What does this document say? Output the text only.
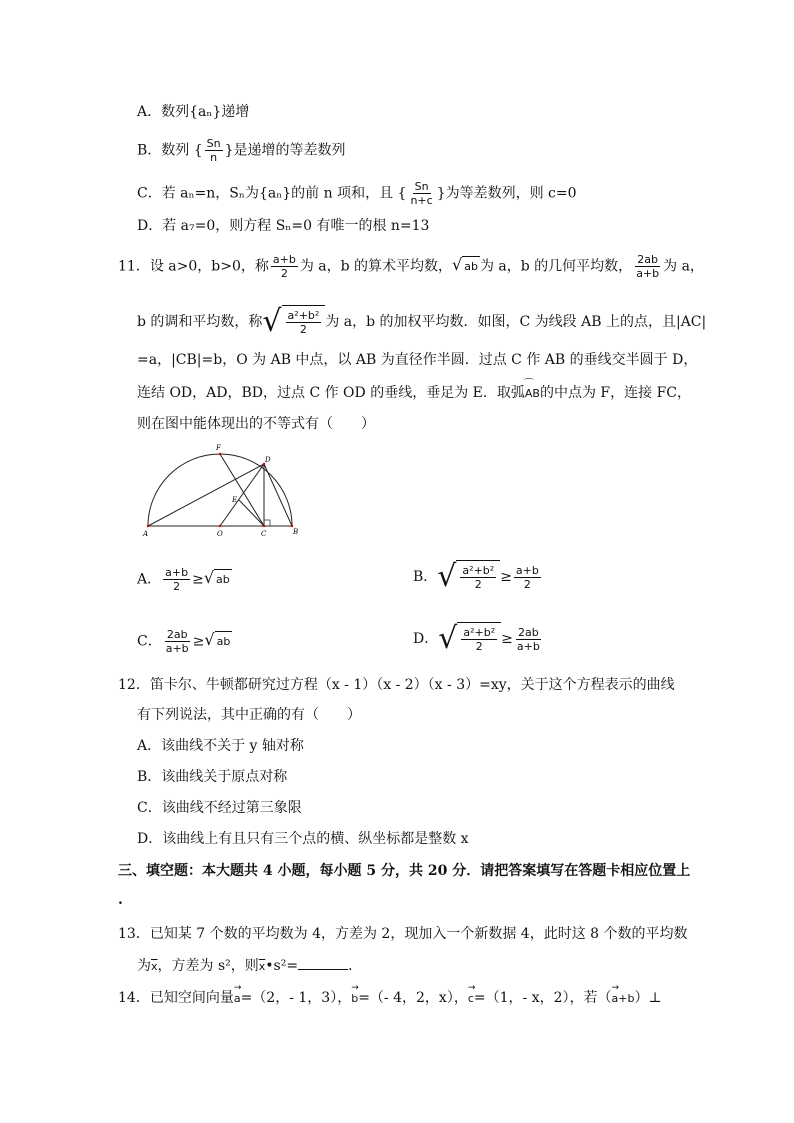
A．数列{aₙ}递增
B．数列 { $\frac{Sn}{n}$ }是递增的等差数列
C．若 aₙ=n，Sₙ为{aₙ}的前 n 项和，且 { $\frac{Sn}{n+c}$ }为等差数列，则 c=0
D．若 a₇=0，则方程 Sₙ=0 有唯一的根 n=13
11．设 a>0，b>0，称 $\frac{a+b}{2}$ 为 a，b 的算术平均数， √ ab 为 a，b 的几何平均数， $\frac{2ab}{a+b}$ 为 a，
b 的调和平均数，称 √ $\frac{\text{a²+b²}}{2}$ 为 a，b 的加权平均数．如图，C 为线段 AB 上的点，且|AC|
=a，|CB|=b，O 为 AB 中点，以 AB 为直径作半圆．过点 C 作 AB 的垂线交半圆于 D，
连结 OD，AD，BD，过点 C 作 OD 的垂线，垂足为 E．取弧
⌒
AB的中点为 F，连接 FC，
则在图中能体现出的不等式有（　　）
A	O	C	B
D
E
F
A． $\frac{a+b}{2}$ ≥ √ ab	B． √ $\frac{\text{a²+b²}}{2} \ge \frac{a+b}{2}$
C． $\frac{2ab}{a+b}$ ≥ √ ab	D． √ $\frac{\text{a²+b²}}{2} \ge \frac{2ab}{a+b}$
12．笛卡尔、牛顿都研究过方程（x - 1）（x - 2）（x - 3）=xy，关于这个方程表示的曲线
有下列说法，其中正确的有（　　）
A．该曲线不关于 y 轴对称
B．该曲线关于原点对称
C．该曲线不经过第三象限
D．该曲线上有且只有三个点的横、纵坐标都是整数 x
三、填空题：本大题共 4 小题，每小题 5 分，共 20 分．请把答案填写在答题卡相应位置上
.
13．已知某 7 个数的平均数为 4，方差为 2，现加入一个新数据 4，此时这 8 个数的平均数
为$\overline{x}$，方差为 s²，则$\overline{x}•s^2=$	．
14．已知空间向量→ a=（2，- 1，3），→ b=（- 4，2，x），→ c=（1，- x，2），若（→ a+b）⊥
